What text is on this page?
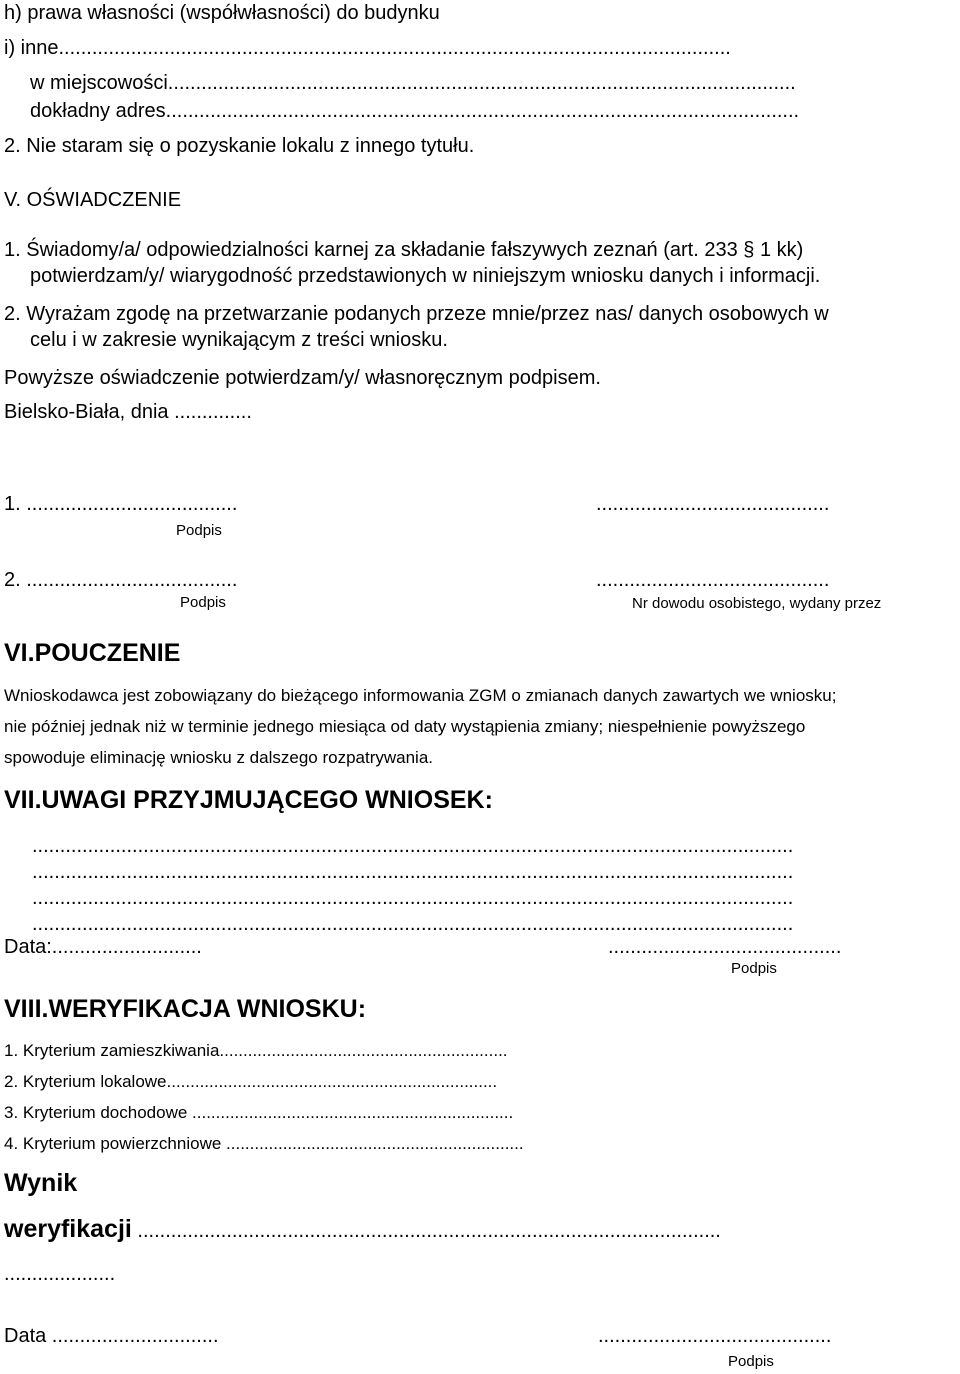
h) prawa własności (współwłasności) do budynku
i) inne.........................................................................................................................
w miejscowości.................................................................................................................
dokładny adres..................................................................................................................
2. Nie staram się o pozyskanie lokalu z innego tytułu.
V. OŚWIADCZENIE
1. Świadomy/a/ odpowiedzialności karnej za składanie fałszywych zeznań (art. 233 § 1 kk)
potwierdzam/y/ wiarygodność przedstawionych w niniejszym wniosku danych i informacji.
2. Wyrażam zgodę na przetwarzanie podanych przeze mnie/przez nas/ danych osobowych w
celu i w zakresie wynikającym z treści wniosku.
Powyższe oświadczenie potwierdzam/y/ własnoręcznym podpisem.
Bielsko-Biała, dnia ..............
1. ......................................	..........................................
Podpis
2. ......................................	..........................................
Podpis	Nr dowodu osobistego, wydany przez
VI.POUCZENIE
Wnioskodawca jest zobowiązany do bieżącego informowania ZGM o zmianach danych zawartych we wniosku;
nie później jednak niż w terminie jednego miesiąca od daty wystąpienia zmiany; niespełnienie powyższego
spowoduje eliminację wniosku z dalszego rozpatrywania.
VII.UWAGI PRZYJMUJĄCEGO WNIOSEK:
.........................................................................................................................................
.........................................................................................................................................
.........................................................................................................................................
.........................................................................................................................................
Data:...........................	..........................................
Podpis
VIII.WERYFIKACJA WNIOSKU:
1. Kryterium zamieszkiwania.............................................................
2. Kryterium lokalowe......................................................................
3. Kryterium dochodowe ....................................................................
4. Kryterium powierzchniowe ...............................................................
Wynik
weryfikacji .........................................................................................................
....................
Data ..............................	..........................................
Podpis
